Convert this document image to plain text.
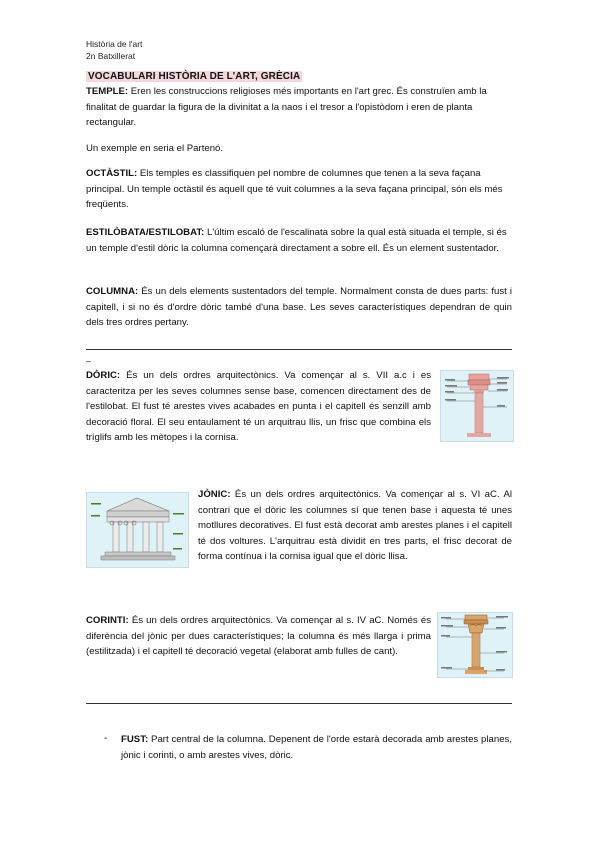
Història de l'art
2n Batxillerat
VOCABULARI HISTÒRIA DE L'ART, GRÈCIA
TEMPLE: Eren les construccions religioses més importants en l'art grec. És construïen amb la finalitat de guardar la figura de la divinitat a la naos i el tresor a l'opistòdom i eren de planta rectangular.
Un exemple en seria el Partenó.
OCTÀSTIL: Els temples es classifiquen pel nombre de columnes que tenen a la seva façana principal. Un temple octàstil és aquell que té vuit columnes a la seva façana principal, són els més freqüents.
ESTILÒBATA/ESTILOBAT: L'últim escaló de l'escalinata sobre la qual està situada el temple, si és un temple d'estil dòric la columna començarà directament a sobre ell. És un element sustentador.
COLUMNA: És un dels elements sustentadors del temple. Normalment consta de dues parts: fust i capitell, i si no és d'ordre dòric també d'una base. Les seves característiques dependran de quin dels tres ordres pertany.
_
DÒRIC: És un dels ordres arquitectònics. Va començar al s. VII a.c i es caracteritza per les seves columnes sense base, comencen directament des de l'estilobat. El fust té arestes vives acabades en punta i el capitell és senzill amb decoració floral. El seu entaulament té un arquitrau llis, un frisc que combina els tríglifs amb les mètopes i la cornisa.
JÒNIC: És un dels ordres arquitectònics. Va començar al s. VI aC. Al contrari que el dòric les columnes sí que tenen base i aquesta té unes motllures decoratives. El fust està decorat amb arestes planes i el capitell té dos voltures. L'arquitrau està dividit en tres parts, el frisc decorat de forma contínua i la cornisa igual que el dòric llisa.
CORINTI: És un dels ordres arquitectònics. Va començar al s. IV aC. Només és diferència del jònic per dues característiques; la columna és més llarga i prima (estilitzada) i el capitell té decoració vegetal (elaborat amb fulles de cant).
- FUST: Part central de la columna. Depenent de l'orde estarà decorada amb arestes planes, jònic i corinti, o amb arestes vives, dòric.
